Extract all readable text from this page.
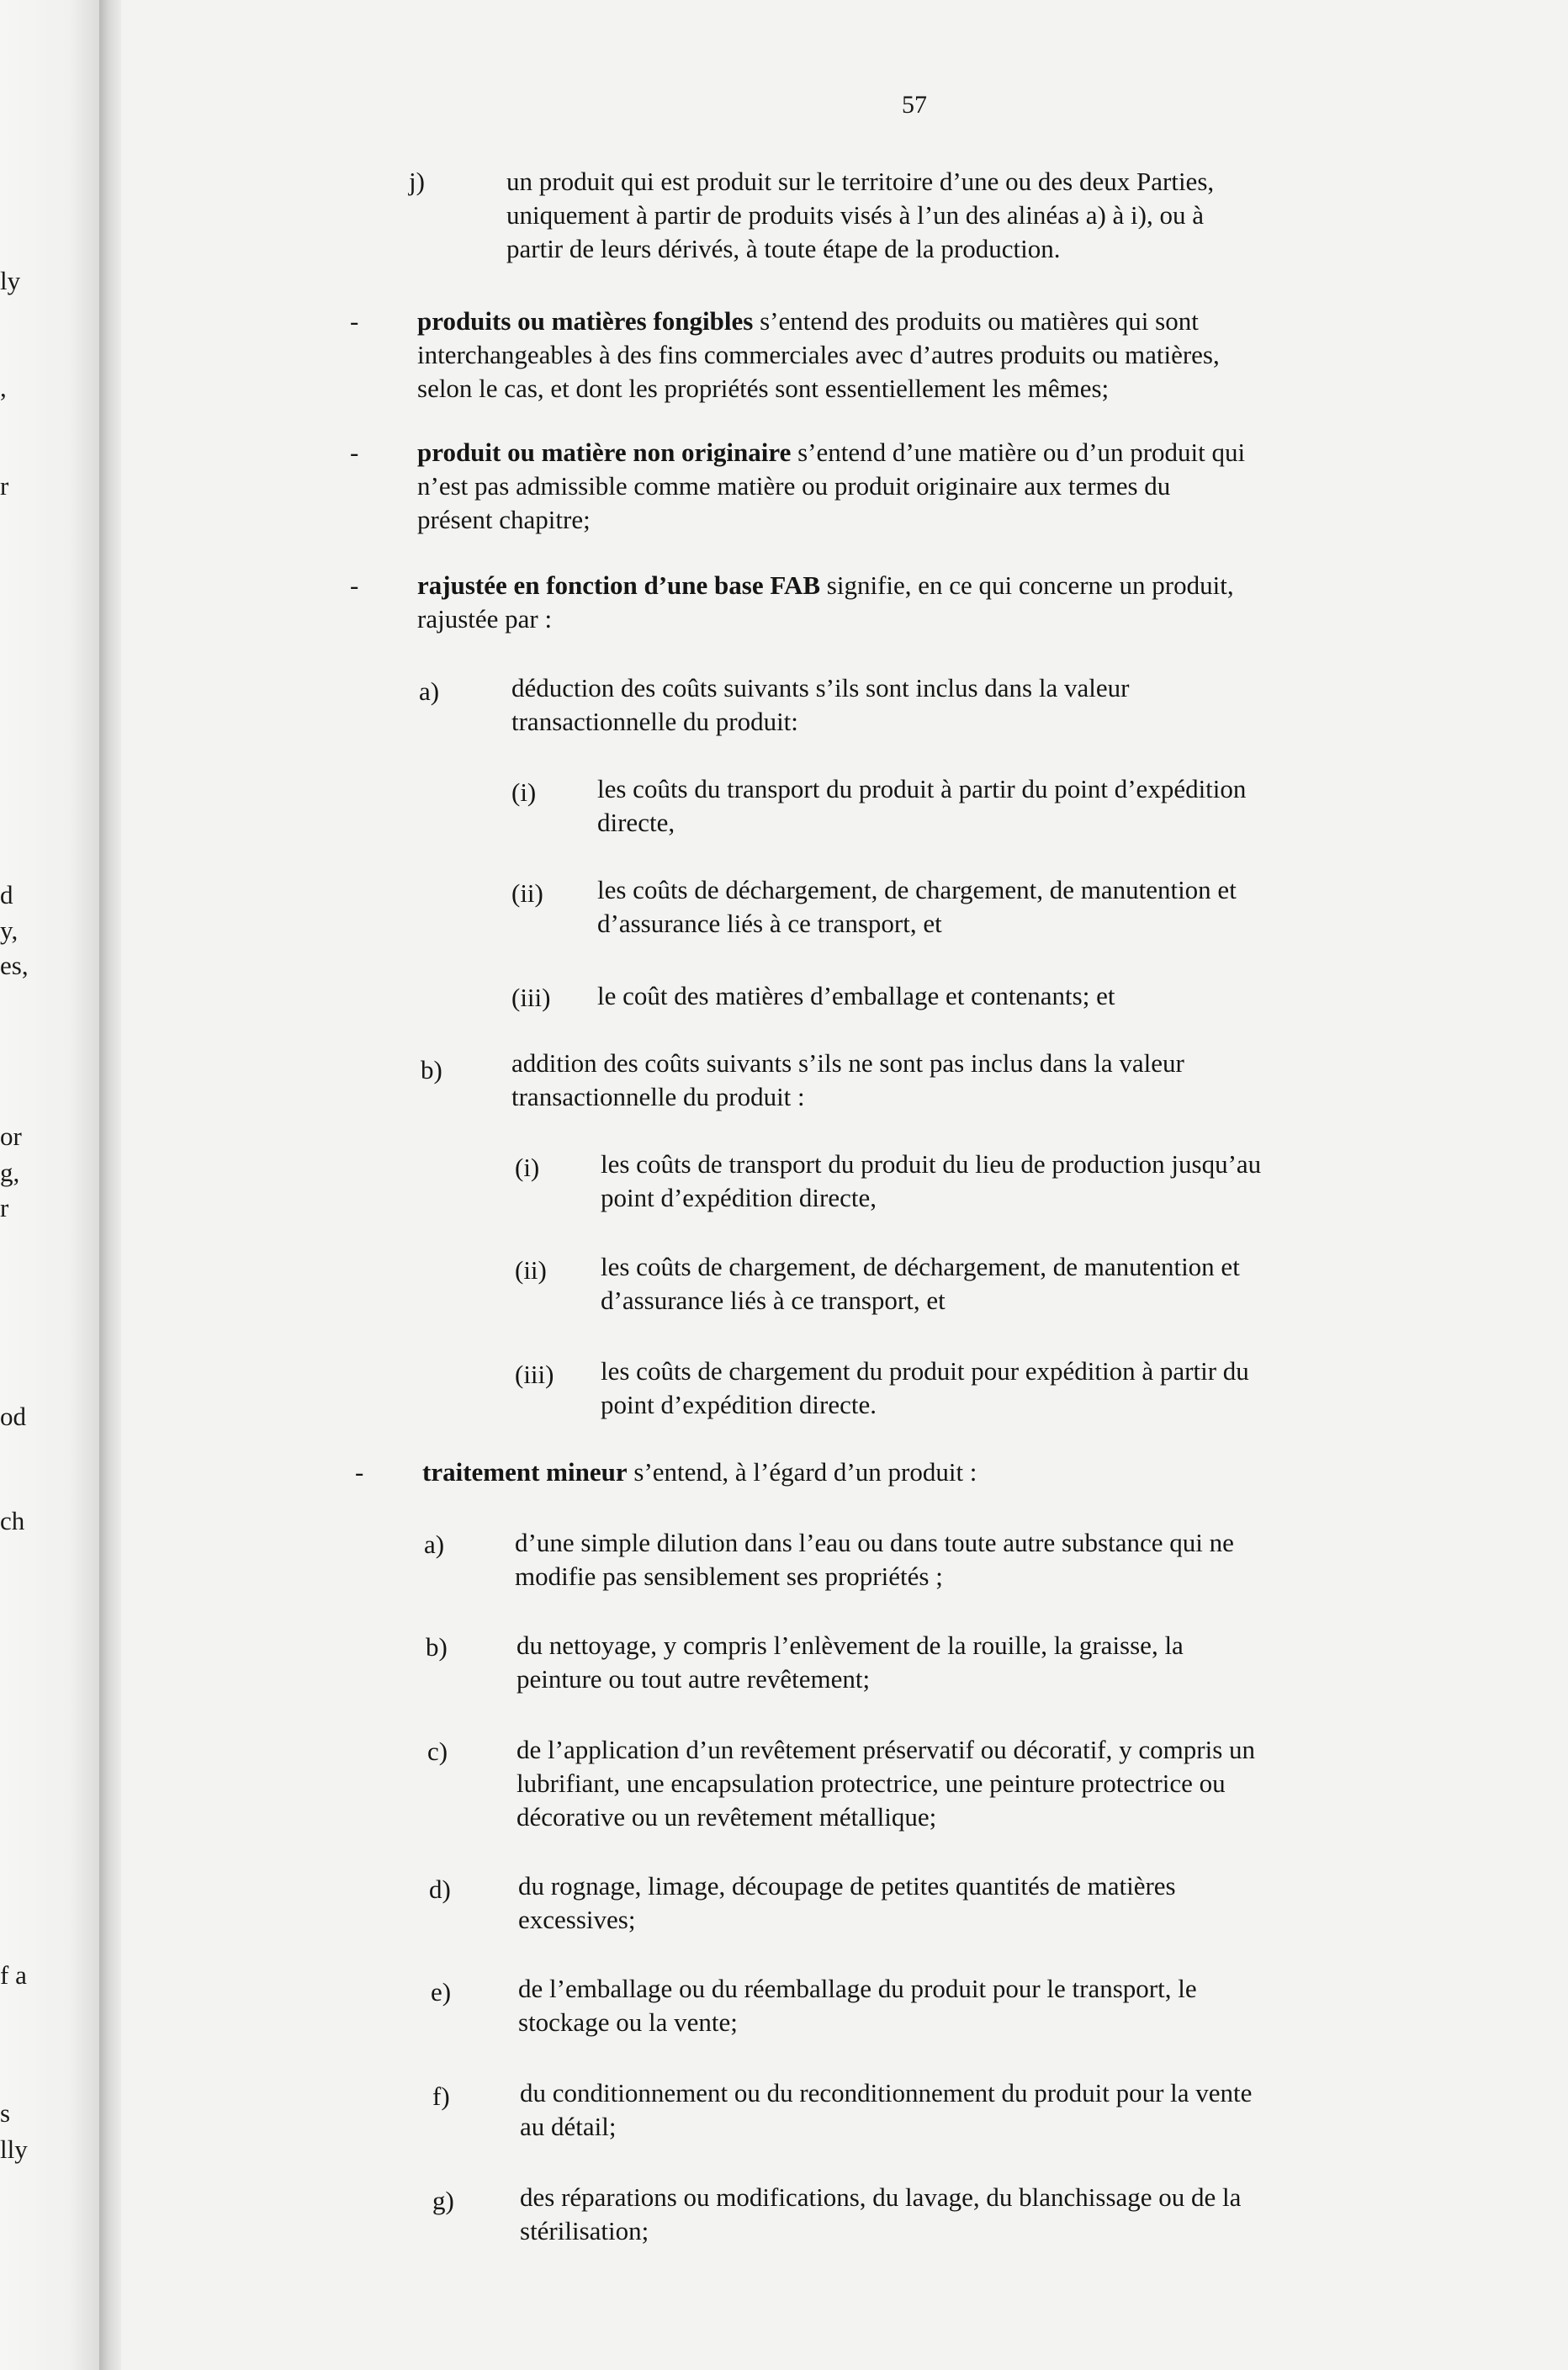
ly
,
r
d
y,
es,
or
g,
r
od
ch
f a
s
lly
57
j)	un produit qui est produit sur le territoire d’une ou des deux Parties,
uniquement à partir de produits visés à l’un des alinéas a) à i), ou à
partir de leurs dérivés, à toute étape de la production.
- produits ou matières fongibles s’entend des produits ou matières qui sont
interchangeables à des fins commerciales avec d’autres produits ou matières,
selon le cas, et dont les propriétés sont essentiellement les mêmes;
- produit ou matière non originaire s’entend d’une matière ou d’un produit qui
n’est pas admissible comme matière ou produit originaire aux termes du
présent chapitre;
- rajustée en fonction d’une base FAB signifie, en ce qui concerne un produit,
rajustée par :
a)	déduction des coûts suivants s’ils sont inclus dans la valeur
transactionnelle du produit:
(i) les coûts du transport du produit à partir du point d’expédition
directe,
(ii) les coûts de déchargement, de chargement, de manutention et
d’assurance liés à ce transport, et
(iii) le coût des matières d’emballage et contenants; et
b)	addition des coûts suivants s’ils ne sont pas inclus dans la valeur
transactionnelle du produit :
(i) les coûts de transport du produit du lieu de production jusqu’au
point d’expédition directe,
(ii) les coûts de chargement, de déchargement, de manutention et
d’assurance liés à ce transport, et
(iii) les coûts de chargement du produit pour expédition à partir du
point d’expédition directe.
- traitement mineur s’entend, à l’égard d’un produit :
a)	d’une simple dilution dans l’eau ou dans toute autre substance qui ne
modifie pas sensiblement ses propriétés ;
b)	du nettoyage, y compris l’enlèvement de la rouille, la graisse, la
peinture ou tout autre revêtement;
c)	de l’application d’un revêtement préservatif ou décoratif, y compris un
lubrifiant, une encapsulation protectrice, une peinture protectrice ou
décorative ou un revêtement métallique;
d)	du rognage, limage, découpage de petites quantités de matières
excessives;
e)	de l’emballage ou du réemballage du produit pour le transport, le
stockage ou la vente;
f)	du conditionnement ou du reconditionnement du produit pour la vente
au détail;
g)	des réparations ou modifications, du lavage, du blanchissage ou de la
stérilisation;
